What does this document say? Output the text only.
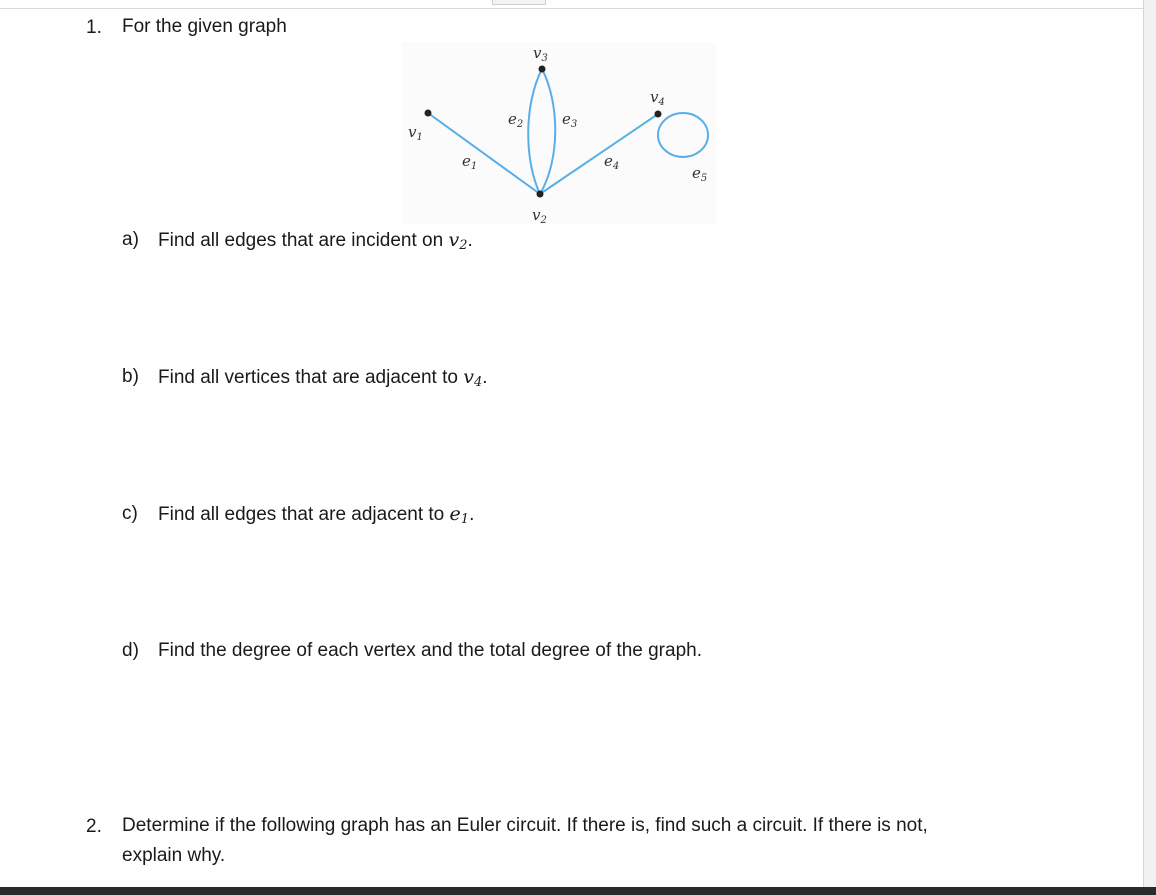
1. For the given graph
$v_1$
$v_2$
$v_3$
$v_4$
$e_1$
$e_2$	$e_3$
$e_4$	$e_5$
a) Find all edges that are incident on $v_2$.
b) Find all vertices that are adjacent to $v_4$.
c) Find all edges that are adjacent to $e_1$.
d) Find the degree of each vertex and the total degree of the graph.
2. Determine if the following graph has an Euler circuit. If there is, find such a circuit. If there is not,
explain why.
